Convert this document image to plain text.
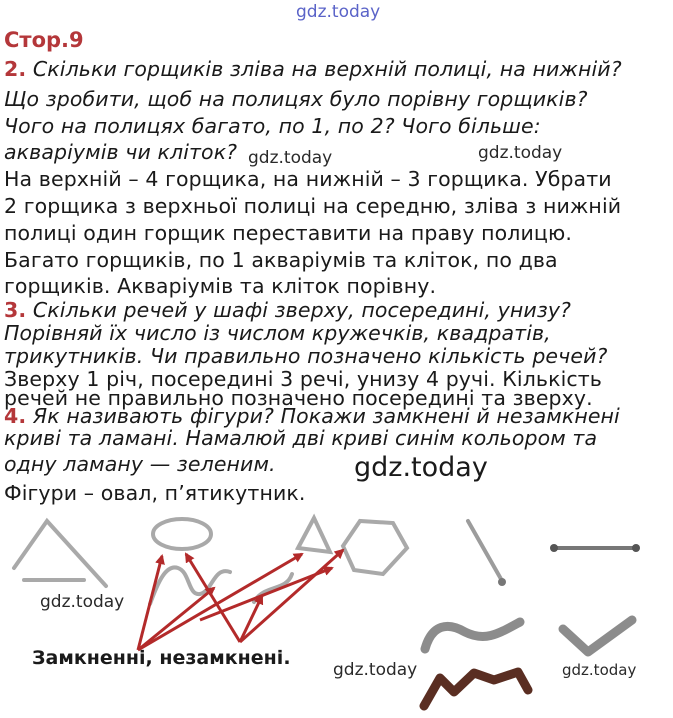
gdz.today
Стор.9
2. Скільки горщиків зліва на верхній полиці, на нижній?
Що зробити, щоб на полицях було порівну горщиків?
Чого на полицях багато, по 1, по 2? Чого більше:
акваріумів чи кліток? gdz.today	gdz.today
На верхній – 4 горщика, на нижній – 3 горщика. Убрати
2 горщика з верхньої полиці на середню, зліва з нижній
полиці один горщик переставити на праву полицю.
Багато горщиків, по 1 акваріумів та кліток, по два
горщиків. Акваріумів та кліток порівну.
3. Скільки речей у шафі зверху, посередині, унизу?
Порівняй їх число із числом кружечків, квадратів,
трикутників. Чи правильно позначено кількість речей?
Зверху 1 річ, посередині 3 речі, унизу 4 ручі. Кількість
речей не правильно позначено посередині та зверху.
4. Як називають фігури? Покажи замкнені й незамкнені
криві та ламані. Намалюй дві криві синім кольором та
одну ламану — зеленим.	gdz.today
Фігури – овал, п’ятикутник.
gdz.today
Замкненні, незамкнені.
gdz.today	gdz.today
